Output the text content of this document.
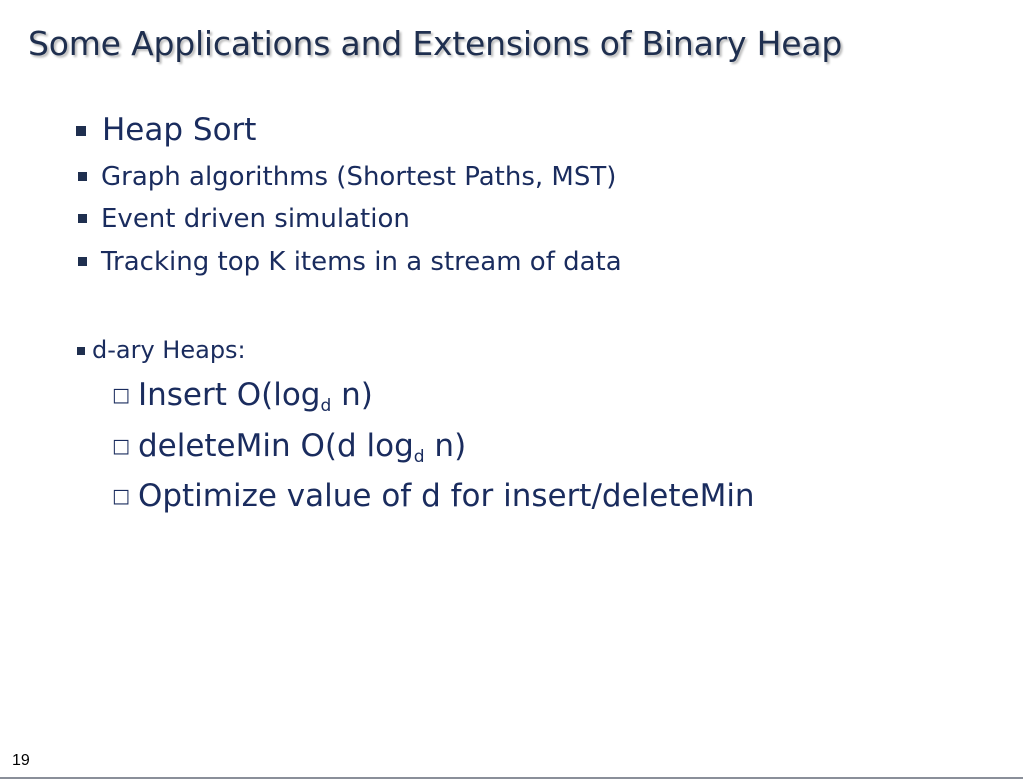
Some Applications and Extensions of Binary Heap
Heap Sort
Graph algorithms (Shortest Paths, MST)
Event driven simulation
Tracking top K items in a stream of data
d-ary Heaps:
□ Insert $O(\log_d$ n)
□ deleteMin O(d $\log_d n$)
□ Optimize value of d for insert/deleteMin
19
